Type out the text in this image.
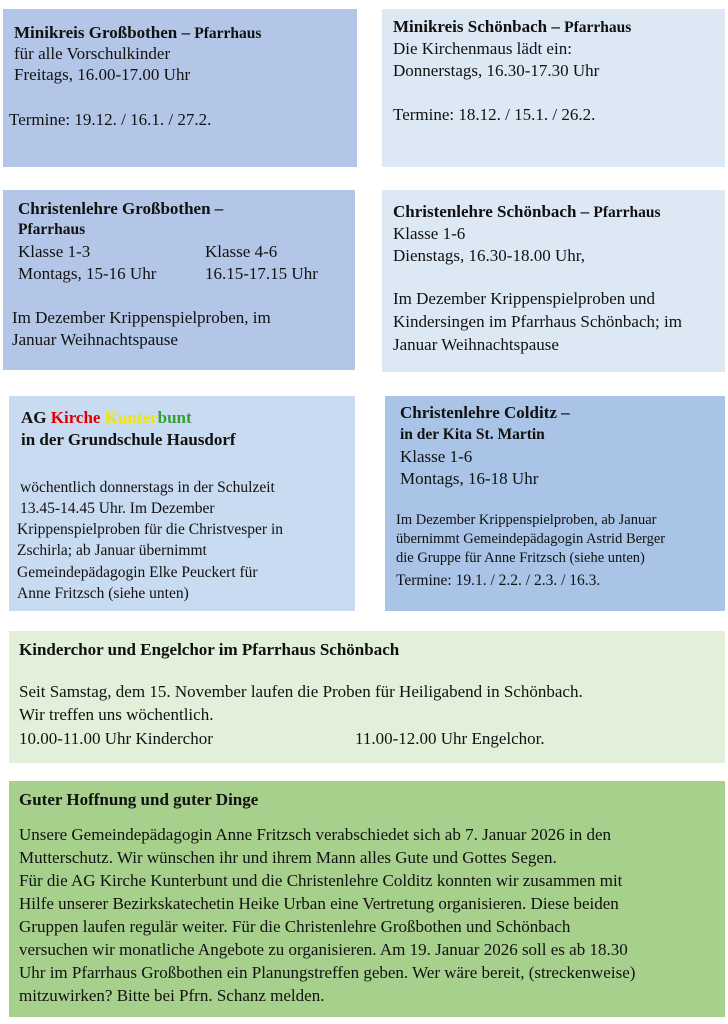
Minikreis Großbothen – Pfarrhaus
für alle Vorschulkinder
Freitags, 16.00-17.00 Uhr
Termine: 19.12. / 16.1. / 27.2.
Minikreis Schönbach – Pfarrhaus
Die Kirchenmaus lädt ein:
Donnerstags, 16.30-17.30 Uhr
Termine: 18.12. / 15.1. / 26.2.
Christenlehre Großbothen –
Pfarrhaus
Klasse 1-3
Montags, 15-16 Uhr
Klasse 4-6
16.15-17.15 Uhr
Im Dezember Krippenspielproben, im
Januar Weihnachtspause
Christenlehre Schönbach – Pfarrhaus
Klasse 1-6
Dienstags, 16.30-18.00 Uhr,
Im Dezember Krippenspielproben und
Kindersingen im Pfarrhaus Schönbach; im
Januar Weihnachtspause
AG Kirche Kunterbunt
in der Grundschule Hausdorf
wöchentlich donnerstags in der Schulzeit
13.45-14.45 Uhr. Im Dezember
Krippenspielproben für die Christvesper in
Zschirla; ab Januar übernimmt
Gemeindepädagogin Elke Peuckert für
Anne Fritzsch (siehe unten)
Christenlehre Colditz –
in der Kita St. Martin
Klasse 1-6
Montags, 16-18 Uhr
Im Dezember Krippenspielproben, ab Januar
übernimmt Gemeindepädagogin Astrid Berger
die Gruppe für Anne Fritzsch (siehe unten)
Termine: 19.1. / 2.2. / 2.3. / 16.3.
Kinderchor und Engelchor im Pfarrhaus Schönbach
Seit Samstag, dem 15. November laufen die Proben für Heiligabend in Schönbach.
Wir treffen uns wöchentlich.
10.00-11.00 Uhr Kinderchor	11.00-12.00 Uhr Engelchor.
Guter Hoffnung und guter Dinge
Unsere Gemeindepädagogin Anne Fritzsch verabschiedet sich ab 7. Januar 2026 in den
Mutterschutz. Wir wünschen ihr und ihrem Mann alles Gute und Gottes Segen.
Für die AG Kirche Kunterbunt und die Christenlehre Colditz konnten wir zusammen mit
Hilfe unserer Bezirkskatechetin Heike Urban eine Vertretung organisieren. Diese beiden
Gruppen laufen regulär weiter. Für die Christenlehre Großbothen und Schönbach
versuchen wir monatliche Angebote zu organisieren. Am 19. Januar 2026 soll es ab 18.30
Uhr im Pfarrhaus Großbothen ein Planungstreffen geben. Wer wäre bereit, (streckenweise)
mitzuwirken? Bitte bei Pfrn. Schanz melden.
